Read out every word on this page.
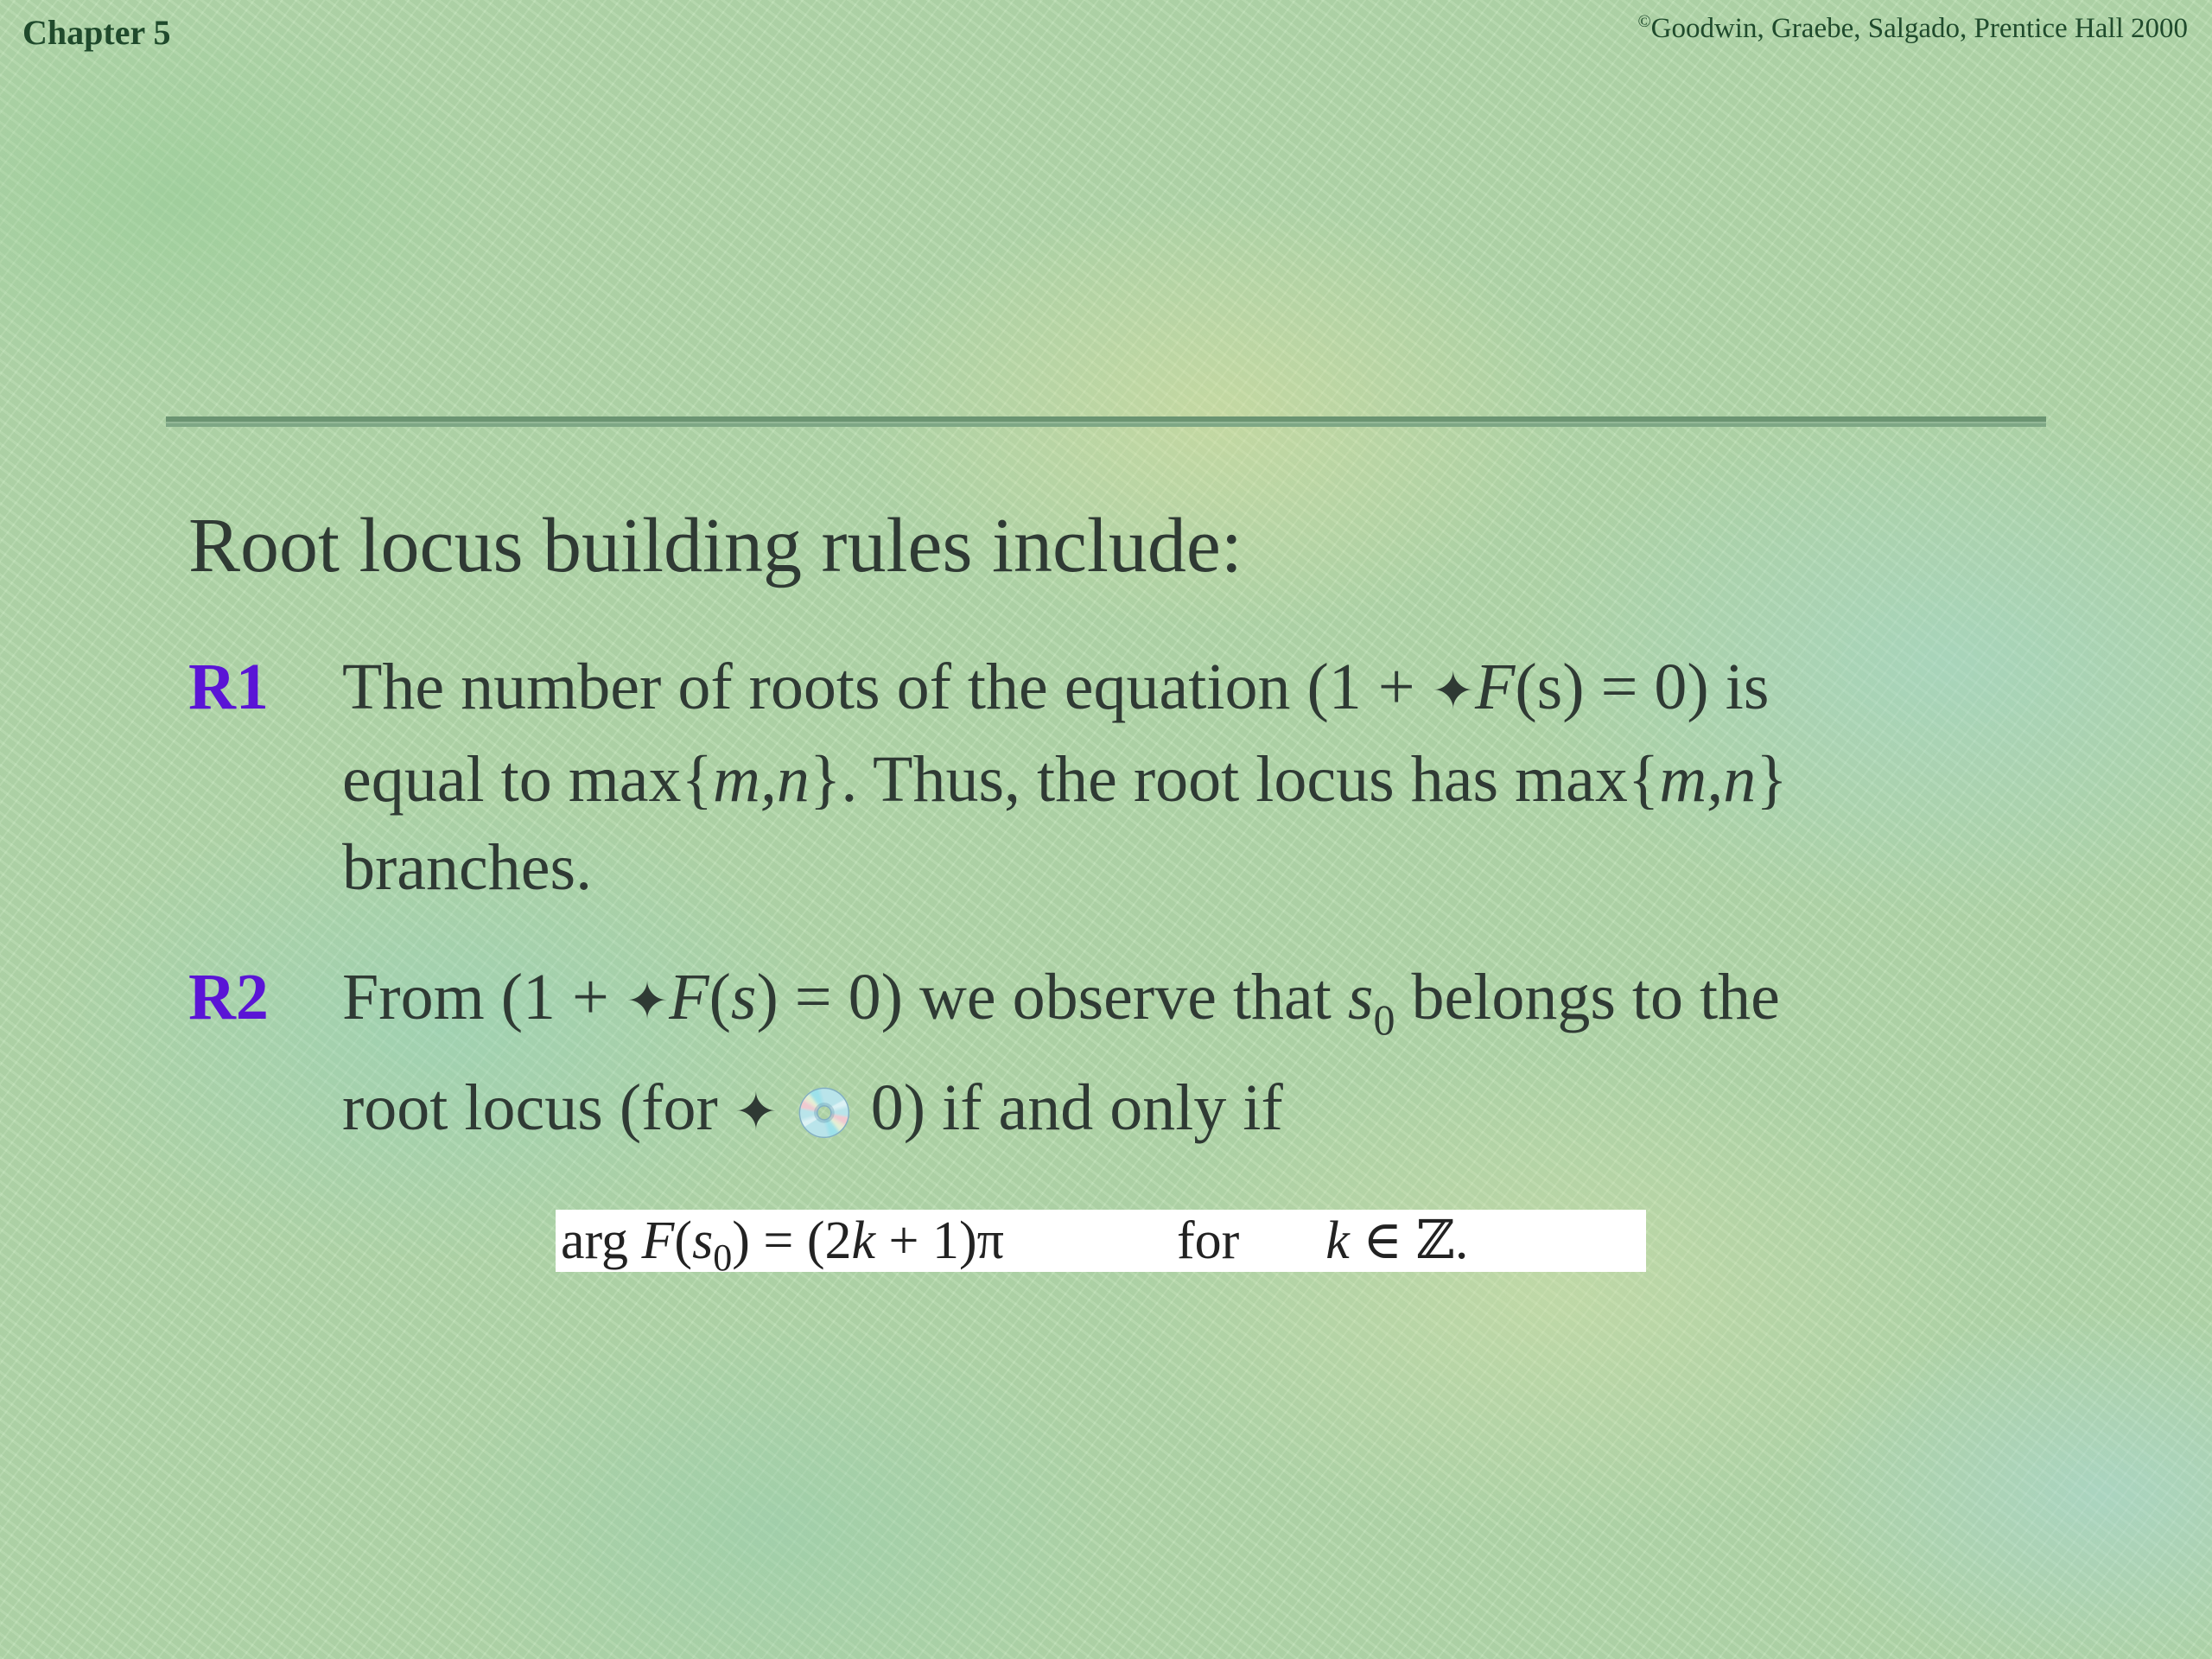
Chapter 5	©Goodwin, Graebe, Salgado, Prentice Hall 2000
Root locus building rules include:
R1 The number of roots of the equation (1 + ✦F(s) = 0) is
equal to max{m,n}. Thus, the root locus has max{m,n}
branches.
R2 From (1 + ✦F(s) = 0) we observe that $s_0$ belongs to the
root locus (for ✦ 💿 0) if and only if
arg $F(s_0) = (2k + 1)\pi$	for k ∈ ℤ.
